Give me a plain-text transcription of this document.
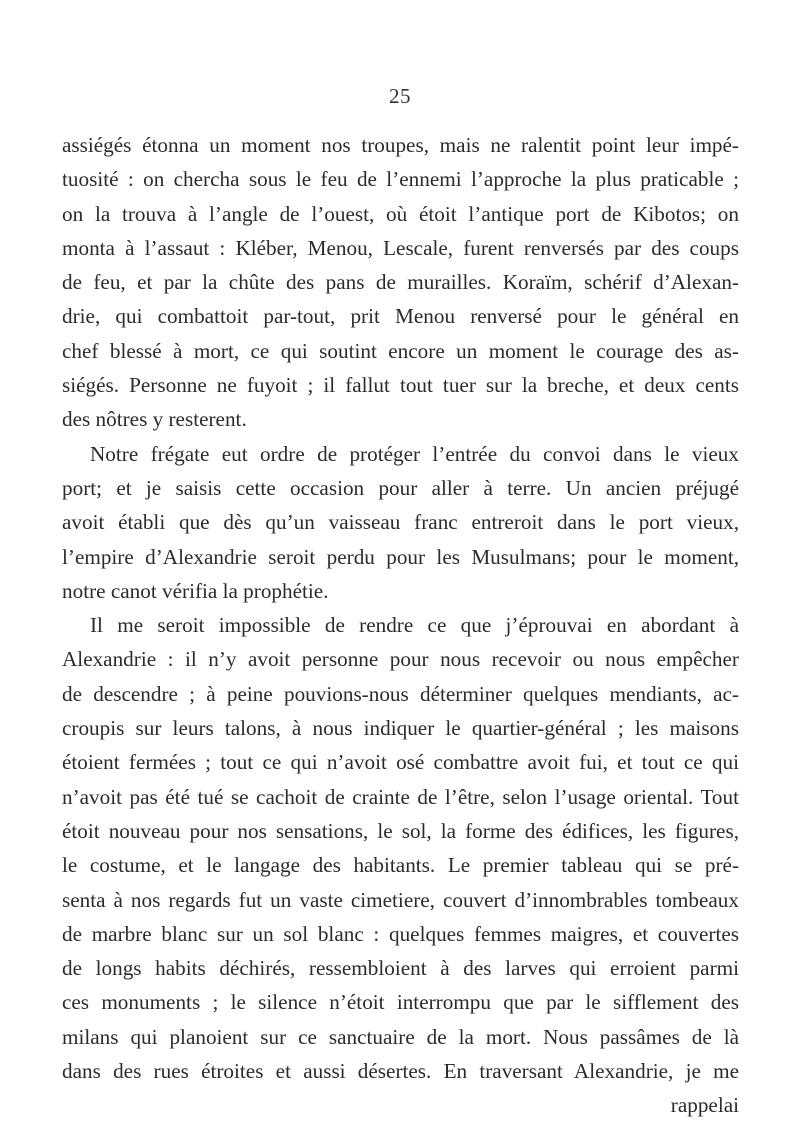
25
assiégés étonna un moment nos troupes, mais ne ralentit point leur impé-
tuosité : on chercha sous le feu de l’ennemi l’approche la plus praticable ;
on la trouva à l’angle de l’ouest, où étoit l’antique port de Kibotos; on
monta à l’assaut : Kléber, Menou, Lescale, furent renversés par des coups
de feu, et par la chûte des pans de murailles. Koraïm, schérif d’Alexan-
drie, qui combattoit par-tout, prit Menou renversé pour le général en
chef blessé à mort, ce qui soutint encore un moment le courage des as-
siégés. Personne ne fuyoit ; il fallut tout tuer sur la breche, et deux cents
des nôtres y resterent.
Notre frégate eut ordre de protéger l’entrée du convoi dans le vieux
port; et je saisis cette occasion pour aller à terre. Un ancien préjugé
avoit établi que dès qu’un vaisseau franc entreroit dans le port vieux,
l’empire d’Alexandrie seroit perdu pour les Musulmans; pour le moment,
notre canot vérifia la prophétie.
Il me seroit impossible de rendre ce que j’éprouvai en abordant à
Alexandrie : il n’y avoit personne pour nous recevoir ou nous empêcher
de descendre ; à peine pouvions-nous déterminer quelques mendiants, ac-
croupis sur leurs talons, à nous indiquer le quartier-général ; les maisons
étoient fermées ; tout ce qui n’avoit osé combattre avoit fui, et tout ce qui
n’avoit pas été tué se cachoit de crainte de l’être, selon l’usage oriental. Tout
étoit nouveau pour nos sensations, le sol, la forme des édifices, les figures,
le costume, et le langage des habitants. Le premier tableau qui se pré-
senta à nos regards fut un vaste cimetiere, couvert d’innombrables tombeaux
de marbre blanc sur un sol blanc : quelques femmes maigres, et couvertes
de longs habits déchirés, ressembloient à des larves qui erroient parmi
ces monuments ; le silence n’étoit interrompu que par le sifflement des
milans qui planoient sur ce sanctuaire de la mort. Nous passâmes de là
dans des rues étroites et aussi désertes. En traversant Alexandrie, je me
rappelai
